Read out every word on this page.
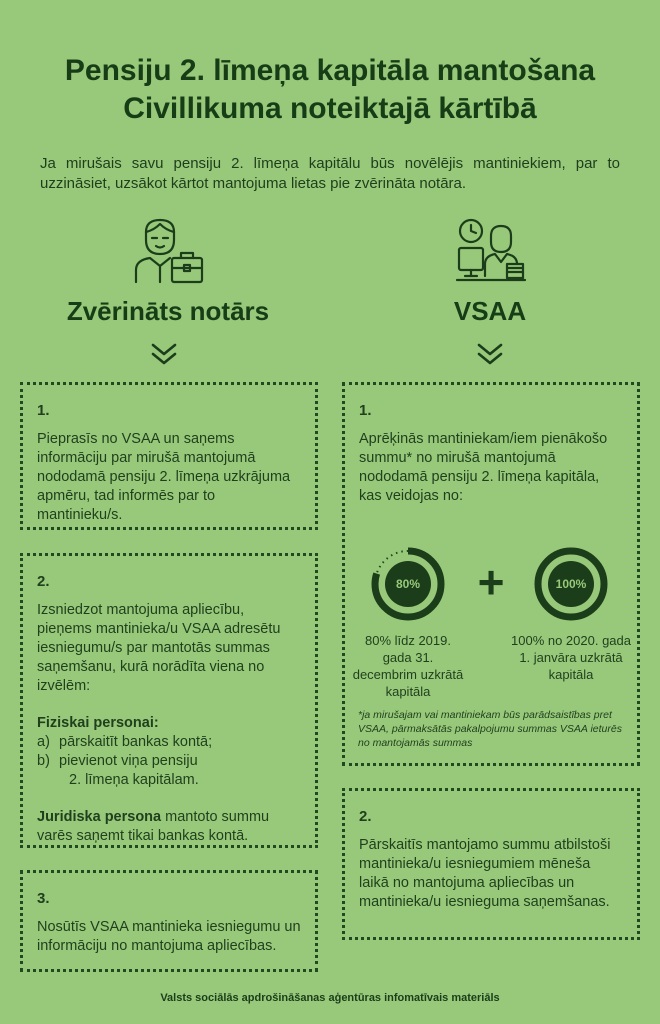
Pensiju 2. līmeņa kapitāla mantošana
Civillikuma noteiktajā kārtībā
Ja mirušais savu pensiju 2. līmeņa kapitālu būs novēlējis mantiniekiem, par to uzzināsiet, uzsākot kārtot mantojuma lietas pie zvērināta notāra.
Zvērināts notārs	VSAA
1.

Pieprasīs no VSAA un saņems informāciju par mirušā mantojumā nododamā pensiju 2. līmeņa uzkrājuma apmēru, tad informēs par to mantinieku/s.

2.

Izsniedzot mantojuma apliecību, pieņems mantinieka/u VSAA adresētu iesniegumu/s par mantotās summas saņemšanu, kurā norādīta viena no izvēlēm:

Fiziskai personai:

a) pārskaitīt bankas kontā;
b) pievienot viņa pensiju
2. līmeņa kapitālam.

Juridiska persona mantoto summu varēs saņemt tikai bankas kontā.

3.

Nosūtīs VSAA mantinieka iesniegumu un informāciju no mantojuma apliecības.

1.

Aprēķinās mantiniekam/iem pienākošo summu* no mirušā mantojumā nododamā pensiju 2. līmeņa kapitāla, kas veidojas no:

80% +	100%
80% līdz 2019. gada 31. decembrim uzkrātā kapitāla
100% no 2020. gada 1. janvāra uzkrātā kapitāla
*ja mirušajam vai mantiniekam būs parādsaistības pret VSAA, pārmaksātās pakalpojumu summas VSAA ieturēs no mantojamās summas
2.

Pārskaitīs mantojamo summu atbilstoši mantinieka/u iesniegumiem mēneša laikā no mantojuma apliecības un mantinieka/u iesnieguma saņemšanas.

Valsts sociālās apdrošināšanas aģentūras infomatīvais materiāls
